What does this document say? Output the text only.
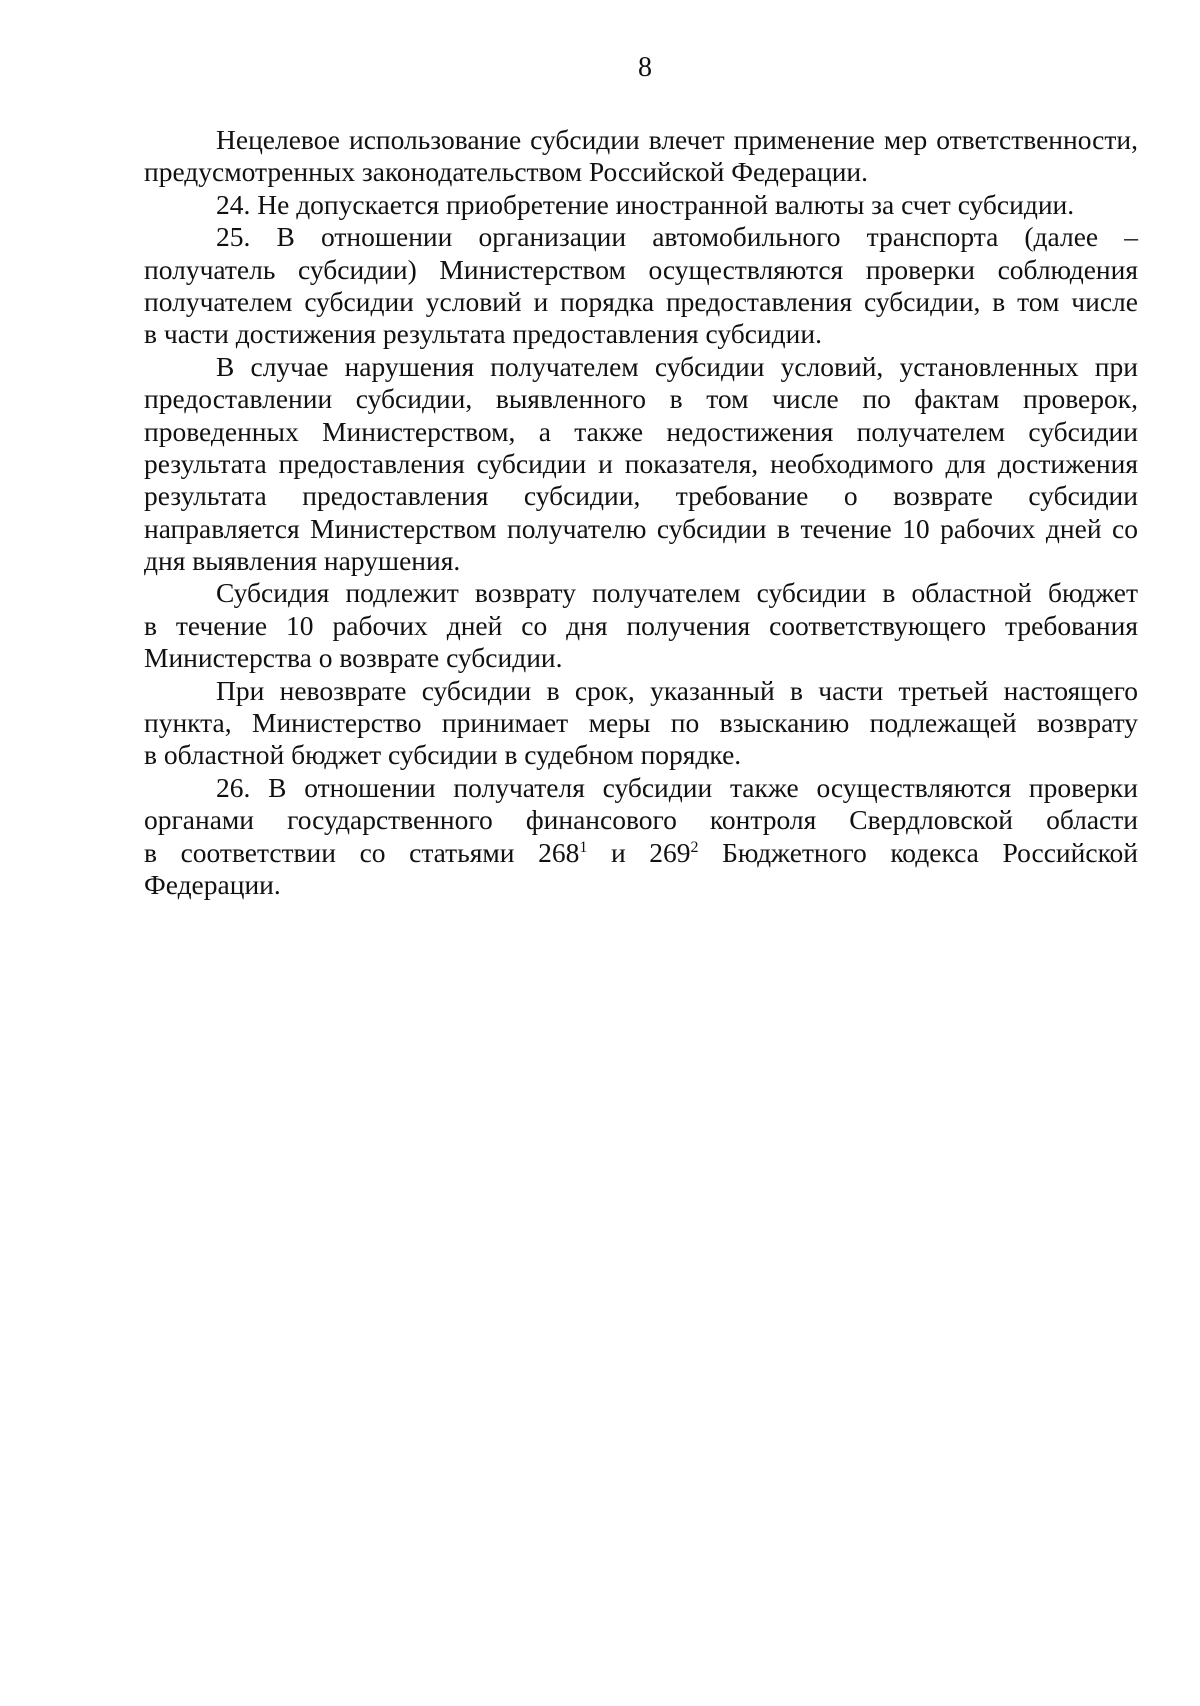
8
Нецелевое использование субсидии влечет применение мер ответственности,
предусмотренных законодательством Российской Федерации.
24. Не допускается приобретение иностранной валюты за счет субсидии.
25. В отношении организации автомобильного транспорта (далее –
получатель субсидии) Министерством осуществляются проверки соблюдения
получателем субсидии условий и порядка предоставления субсидии, в том числе
в части достижения результата предоставления субсидии.
В случае нарушения получателем субсидии условий, установленных при
предоставлении субсидии, выявленного в том числе по фактам проверок,
проведенных Министерством, а также недостижения получателем субсидии
результата предоставления субсидии и показателя, необходимого для достижения
результата предоставления субсидии, требование о возврате субсидии
направляется Министерством получателю субсидии в течение 10 рабочих дней со
дня выявления нарушения.
Субсидия подлежит возврату получателем субсидии в областной бюджет
в течение 10 рабочих дней со дня получения соответствующего требования
Министерства о возврате субсидии.
При невозврате субсидии в срок, указанный в части третьей настоящего
пункта, Министерство принимает меры по взысканию подлежащей возврату
в областной бюджет субсидии в судебном порядке.
26. В отношении получателя субсидии также осуществляются проверки
органами государственного финансового контроля Свердловской области
в соответствии со статьями $268^1$ и $269^2$ Бюджетного кодекса Российской
Федерации.
